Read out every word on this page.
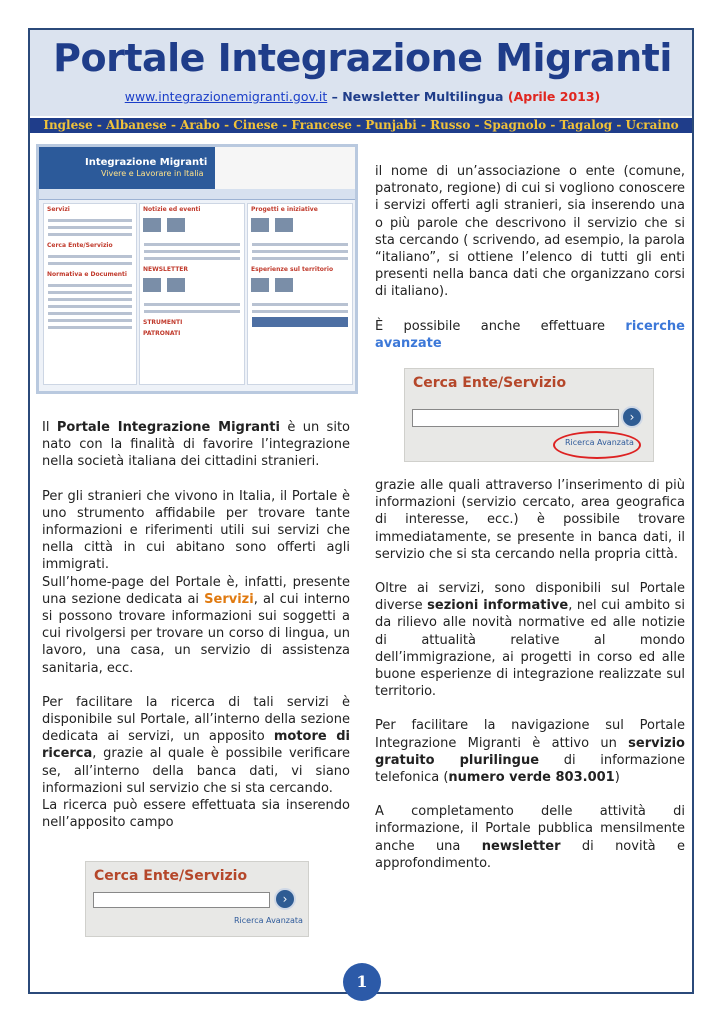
Portale Integrazione Migranti
www.integrazionemigranti.gov.it – Newsletter Multilingua (Aprile 2013)
Inglese - Albanese - Arabo - Cinese - Francese - Punjabi - Russo - Spagnolo - Tagalog - Ucraino
Integrazione Migranti
Vivere e Lavorare in Italia
Servizi
Cerca Ente/Servizio
Normativa e Documenti
Notizie ed eventi
NEWSLETTER
STRUMENTI
PATRONATI
Progetti e iniziative
Esperienze sul territorio

il nome di un’associazione o ente (comune, patronato, regione) di cui si vogliono conoscere i servizi offerti agli stranieri, sia inserendo una o più parole che descrivono il servizio che si sta cercando ( scrivendo, ad esempio, la parola “italiano”, si ottiene l’elenco di tutti gli enti presenti nella banca dati che organizzano corsi di italiano).

È possibile anche effettuare ricerche avanzate

Cerca Ente/Servizio
›
Ricerca Avanzata

Il Portale Integrazione Migranti è un sito nato con la finalità di favorire l’integrazione nella società italiana dei cittadini stranieri.

Per gli stranieri che vivono in Italia, il Portale è uno strumento affidabile per trovare tante informazioni e riferimenti utili sui servizi che nella città in cui abitano sono offerti agli immigrati.

Sull’home-page del Portale è, infatti, presente una sezione dedicata ai Servizi, al cui interno si possono trovare informazioni sui soggetti a cui rivolgersi per trovare un corso di lingua, un lavoro, una casa, un servizio di assistenza sanitaria, ecc.

Per facilitare la ricerca di tali servizi è disponibile sul Portale, all’interno della sezione dedicata ai servizi, un apposito motore di ricerca, grazie al quale è possibile verificare se, all’interno della banca dati, vi siano informazioni sul servizio che si sta cercando.

La ricerca può essere effettuata sia inserendo nell’apposito campo

grazie alle quali attraverso l’inserimento di più informazioni (servizio cercato, area geografica di interesse, ecc.) è possibile trovare immediatamente, se presente in banca dati, il servizio che si sta cercando nella propria città.

Oltre ai servizi, sono disponibili sul Portale diverse sezioni informative, nel cui ambito si da rilievo alle novità normative ed alle notizie di attualità relative al mondo dell’immigrazione, ai progetti in corso ed alle buone esperienze di integrazione realizzate sul territorio.

Per facilitare la navigazione sul Portale Integrazione Migranti è attivo un servizio gratuito plurilingue di informazione telefonica (numero verde 803.001)

A completamento delle attività di informazione, il Portale pubblica mensilmente anche una newsletter di novità e approfondimento.

Cerca Ente/Servizio
›
Ricerca Avanzata
1
